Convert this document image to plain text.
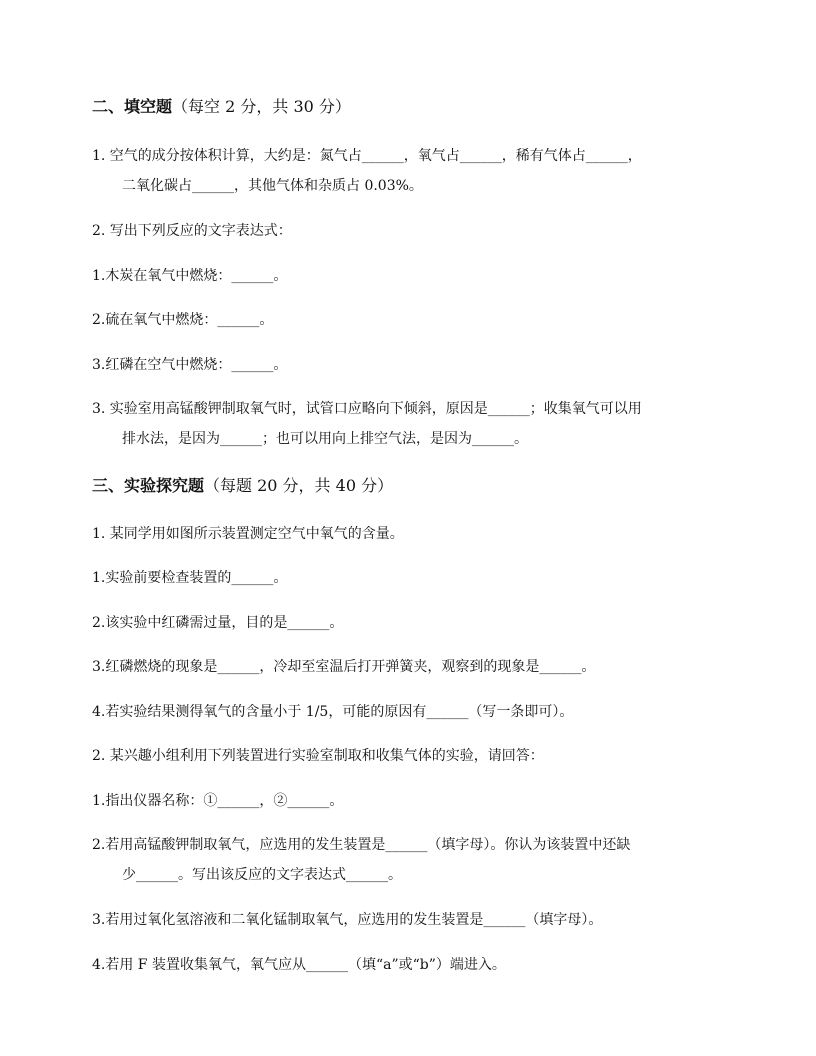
二、填空题（每空 2 分，共 30 分）
1. 空气的成分按体积计算，大约是：氮气占______，氧气占______，稀有气体占______，
二氧化碳占______，其他气体和杂质占 0.03%。
2. 写出下列反应的文字表达式：
1.木炭在氧气中燃烧：______。
2.硫在氧气中燃烧：______。
3.红磷在空气中燃烧：______。
3. 实验室用高锰酸钾制取氧气时，试管口应略向下倾斜，原因是______；收集氧气可以用
排水法，是因为______；也可以用向上排空气法，是因为______。
三、实验探究题（每题 20 分，共 40 分）
1. 某同学用如图所示装置测定空气中氧气的含量。
1.实验前要检查装置的______。
2.该实验中红磷需过量，目的是______。
3.红磷燃烧的现象是______，冷却至室温后打开弹簧夹，观察到的现象是______。
4.若实验结果测得氧气的含量小于 1/5，可能的原因有______（写一条即可）。
2. 某兴趣小组利用下列装置进行实验室制取和收集气体的实验，请回答：
1.指出仪器名称：①______，②______。
2.若用高锰酸钾制取氧气，应选用的发生装置是______（填字母）。你认为该装置中还缺
少______。写出该反应的文字表达式______。
3.若用过氧化氢溶液和二氧化锰制取氧气，应选用的发生装置是______（填字母）。
4.若用 F 装置收集氧气，氧气应从______（填“a”或“b”）端进入。
